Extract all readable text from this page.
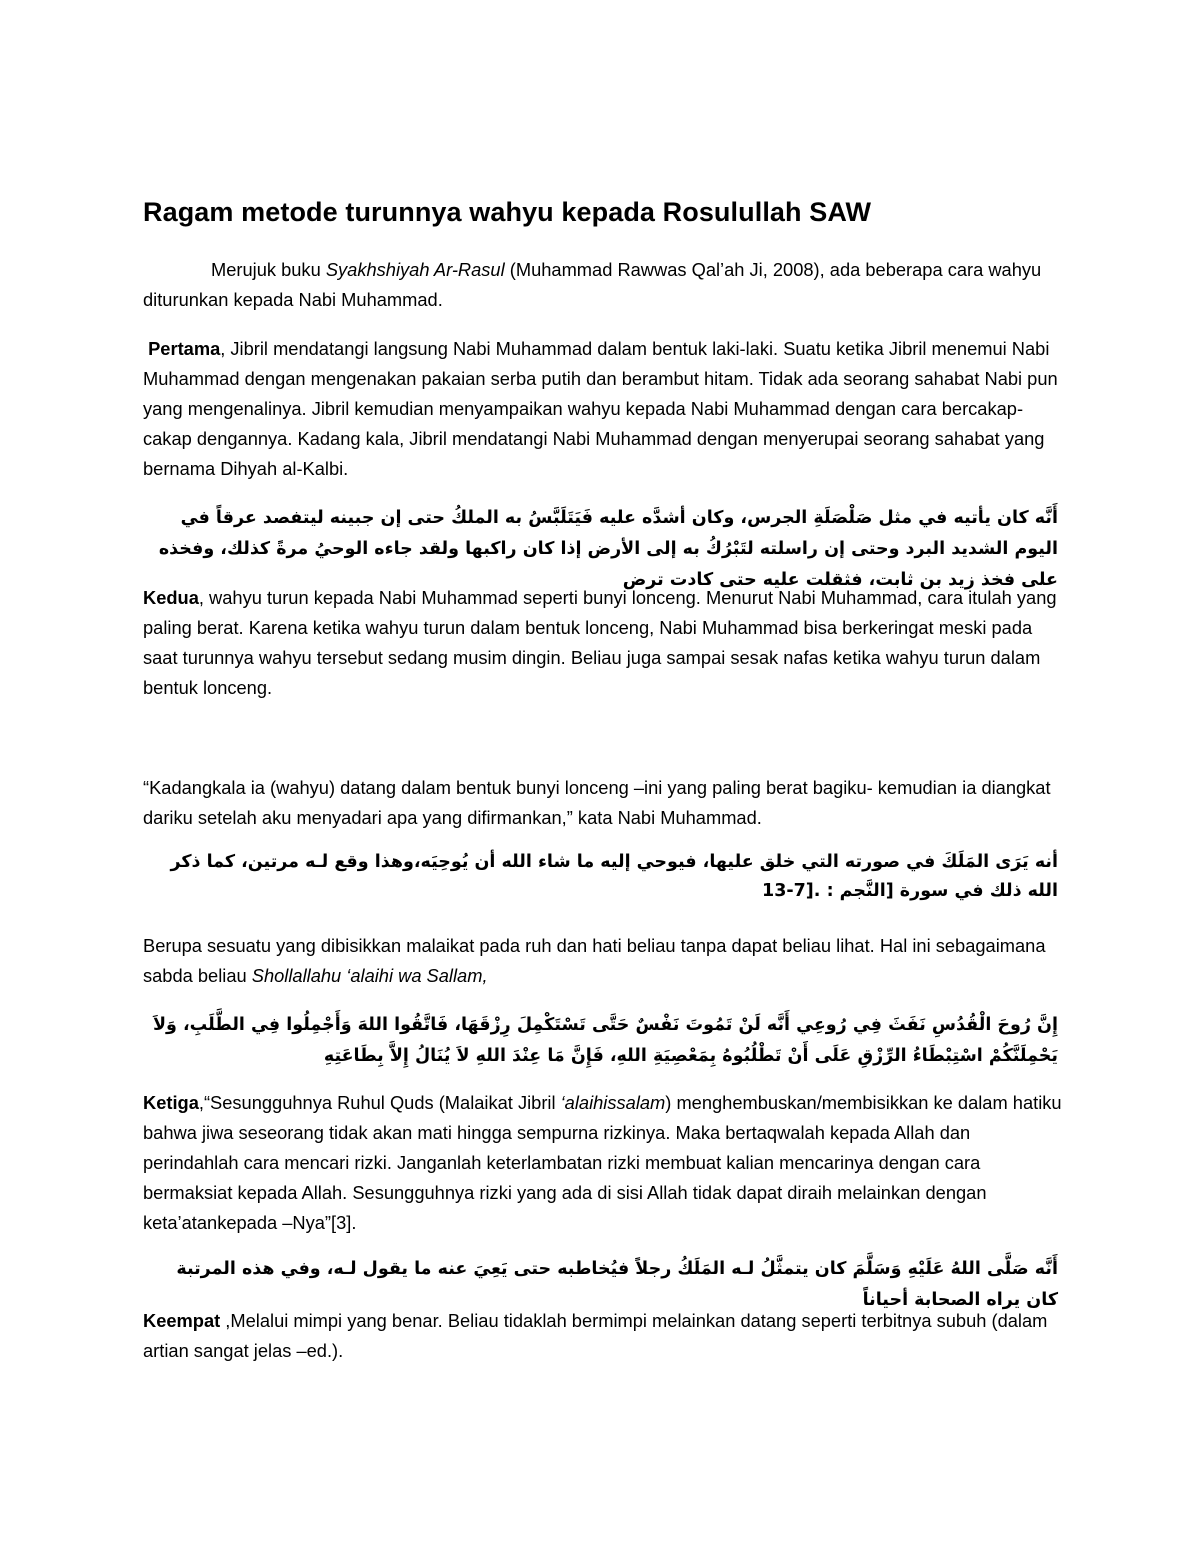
Ragam metode turunnya wahyu kepada Rosulullah SAW

Merujuk buku Syakhshiyah Ar-Rasul (Muhammad Rawwas Qal’ah Ji, 2008), ada beberapa cara wahyu diturunkan kepada Nabi Muhammad.

Pertama, Jibril mendatangi langsung Nabi Muhammad dalam bentuk laki-laki. Suatu ketika Jibril menemui Nabi Muhammad dengan mengenakan pakaian serba putih dan berambut hitam. Tidak ada seorang sahabat Nabi pun yang mengenalinya. Jibril kemudian menyampaikan wahyu kepada Nabi Muhammad dengan cara bercakap-cakap dengannya. Kadang kala, Jibril mendatangi Nabi Muhammad dengan menyerupai seorang sahabat yang bernama Dihyah al-Kalbi.

أَنَّه كان يأتيه في مثل صَلْصَلَةِ الجرس، وكان أشدَّه عليه فَيَتَلَبَّسُ به الملكُ حتى إن جبينه ليتفصد عرقاً في اليوم الشديد البرد وحتى إن راسلته لتَبْرُكُ به إلى الأرض إذا كان راكبها ولقد جاءه الوحيُ مرةً كذلك، وفخذه على فخذ زيد بن ثابت، فثقلت عليه حتى كادت ترض

Kedua, wahyu turun kepada Nabi Muhammad seperti bunyi lonceng. Menurut Nabi Muhammad, cara itulah yang paling berat. Karena ketika wahyu turun dalam bentuk lonceng, Nabi Muhammad bisa berkeringat meski pada saat turunnya wahyu tersebut sedang musim dingin. Beliau juga sampai sesak nafas ketika wahyu turun dalam bentuk lonceng.

“Kadangkala ia (wahyu) datang dalam bentuk bunyi lonceng –ini yang paling berat bagiku- kemudian ia diangkat dariku setelah aku menyadari apa yang difirmankan,” kata Nabi Muhammad.

أنه يَرَى المَلَكَ في صورته التي خلق عليها، فيوحي إليه ما شاء الله أن يُوحِيَه،وهذا وقع لـه مرتين، كما ذكر الله ذلك في سورة [النَّجم : 13-7].

Berupa sesuatu yang dibisikkan malaikat pada ruh dan hati beliau tanpa dapat beliau lihat. Hal ini sebagaimana sabda beliau Shollallahu ‘alaihi wa Sallam,

إِنَّ رُوحَ الْقُدُسِ نَفَثَ فِي رُوعِي أَنَّه لَنْ تَمُوتَ نَفْسٌ حَتَّى تَسْتَكْمِلَ رِزْقَهَا، فَاتَّقُوا اللهَ وَأَجْمِلُوا فِي الطَّلَبِ، وَلاَ يَحْمِلَنَّكُمْ اسْتِبْطَاءُ الرِّزْقِ عَلَى أَنْ تَطْلُبُوهُ بِمَعْصِيَةِ اللهِ، فَإِنَّ مَا عِنْدَ اللهِ لاَ يُنَالُ إِلاَّ بِطَاعَتِهِ

Ketiga,“Sesungguhnya Ruhul Quds (Malaikat Jibril ‘alaihissalam) menghembuskan/membisikkan ke dalam hatiku bahwa jiwa seseorang tidak akan mati hingga sempurna rizkinya. Maka bertaqwalah kepada Allah dan perindahlah cara mencari rizki. Janganlah keterlambatan rizki membuat kalian mencarinya dengan cara bermaksiat kepada Allah. Sesungguhnya rizki yang ada di sisi Allah tidak dapat diraih melainkan dengan keta’atankepada –Nya”[3].

أَنَّه صَلَّى اللهُ عَلَيْهِ وَسَلَّمَ كان يتمثَّلُ لـه المَلَكُ رجلاً فيُخاطبه حتى يَعِيَ عنه ما يقول لـه، وفي هذه المرتبة كان يراه الصحابة أحياناً

Keempat ,Melalui mimpi yang benar. Beliau tidaklah bermimpi melainkan datang seperti terbitnya subuh (dalam artian sangat jelas –ed.).
